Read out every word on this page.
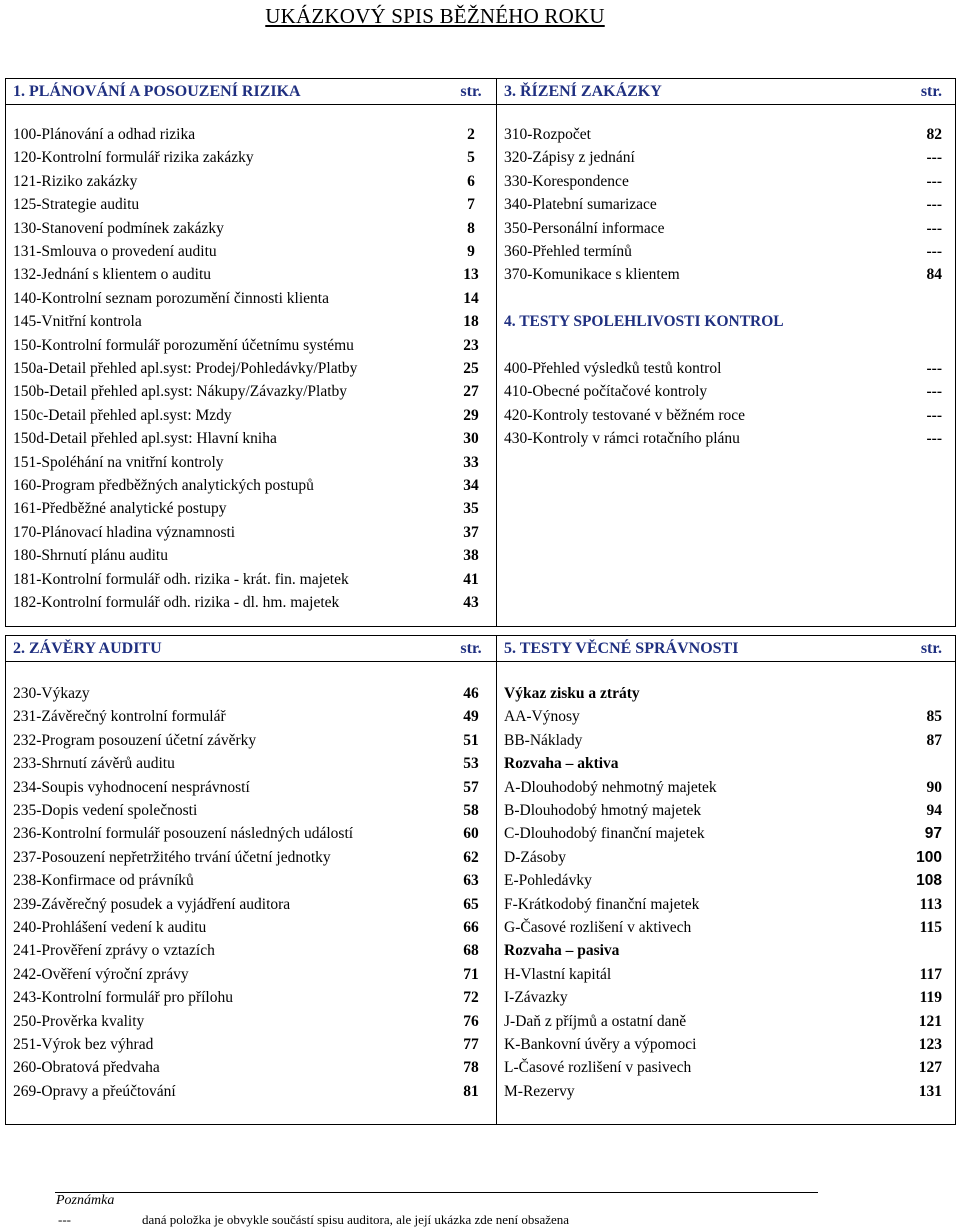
UKÁZKOVÝ SPIS BĚŽNÉHO ROKU
1. PLÁNOVÁNÍ A POSOUZENÍ RIZIKA	str.	3. ŘÍZENÍ ZAKÁZKY	str.
100-Plánování a odhad rizika	2	310-Rozpočet	82
120-Kontrolní formulář rizika zakázky	5	320-Zápisy z jednání	---
121-Riziko zakázky	6	330-Korespondence	---
125-Strategie auditu	7	340-Platební sumarizace	---
130-Stanovení podmínek zakázky	8	350-Personální informace	---
131-Smlouva o provedení auditu	9	360-Přehled termínů	---
132-Jednání s klientem o auditu	13	370-Komunikace s klientem	84
140-Kontrolní seznam porozumění činnosti klienta	14
145-Vnitřní kontrola	18	4. TESTY SPOLEHLIVOSTI KONTROL
150-Kontrolní formulář porozumění účetnímu systému	23
150a-Detail přehled apl.syst: Prodej/Pohledávky/Platby	25	400-Přehled výsledků testů kontrol	---
150b-Detail přehled apl.syst: Nákupy/Závazky/Platby	27	410-Obecné počítačové kontroly	---
150c-Detail přehled apl.syst: Mzdy	29	420-Kontroly testované v běžném roce	---
150d-Detail přehled apl.syst: Hlavní kniha	30	430-Kontroly v rámci rotačního plánu	---
151-Spoléhání na vnitřní kontroly	33
160-Program předběžných analytických postupů	34
161-Předběžné analytické postupy	35
170-Plánovací hladina významnosti	37
180-Shrnutí plánu auditu	38
181-Kontrolní formulář odh. rizika - krát. fin. majetek	41
182-Kontrolní formulář odh. rizika - dl. hm. majetek	43
2. ZÁVĚRY AUDITU	str.	5. TESTY VĚCNÉ SPRÁVNOSTI	str.
230-Výkazy	46	Výkaz zisku a ztráty
231-Závěrečný kontrolní formulář	49	AA-Výnosy	85
232-Program posouzení účetní závěrky	51	BB-Náklady	87
233-Shrnutí závěrů auditu	53	Rozvaha – aktiva
234-Soupis vyhodnocení nesprávností	57	A-Dlouhodobý nehmotný majetek	90
235-Dopis vedení společnosti	58	B-Dlouhodobý hmotný majetek	94
236-Kontrolní formulář posouzení následných událostí	60	C-Dlouhodobý finanční majetek	97
237-Posouzení nepřetržitého trvání účetní jednotky	62	D-Zásoby	100
238-Konfirmace od právníků	63	E-Pohledávky	108
239-Závěrečný posudek a vyjádření auditora	65	F-Krátkodobý finanční majetek	113
240-Prohlášení vedení k auditu	66	G-Časové rozlišení v aktivech	115
241-Prověření zprávy o vztazích	68	Rozvaha – pasiva
242-Ověření výroční zprávy	71	H-Vlastní kapitál	117
243-Kontrolní formulář pro přílohu	72	I-Závazky	119
250-Prověrka kvality	76	J-Daň z příjmů a ostatní daně	121
251-Výrok bez výhrad	77	K-Bankovní úvěry a výpomoci	123
260-Obratová předvaha	78	L-Časové rozlišení v pasivech	127
269-Opravy a přeúčtování	81	M-Rezervy	131
Poznámka
---	daná položka je obvykle součástí spisu auditora, ale její ukázka zde není obsažena
